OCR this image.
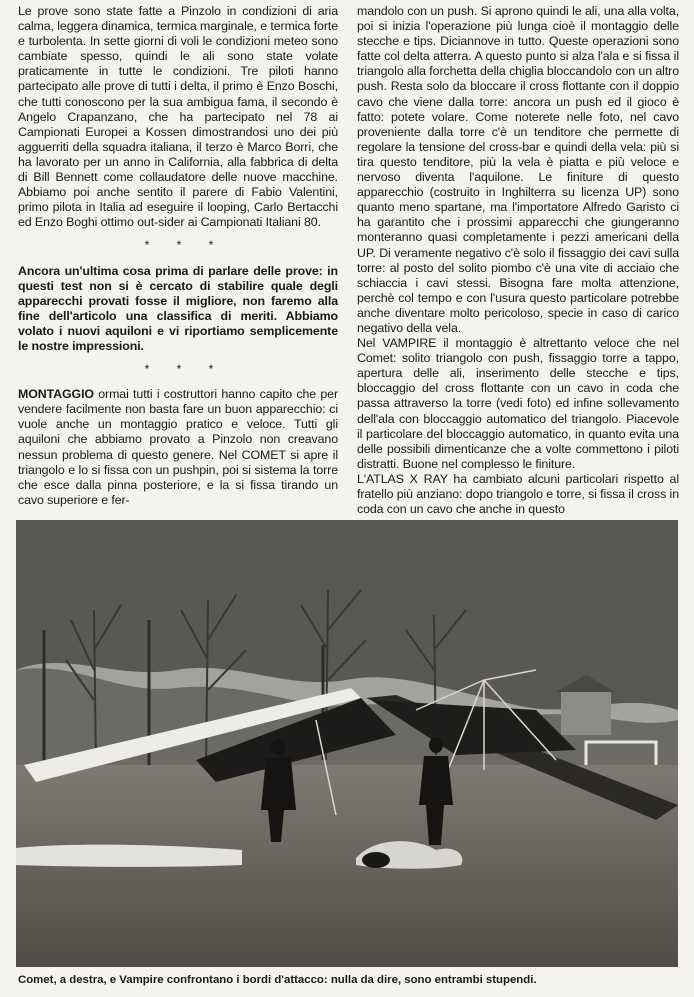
Le prove sono state fatte a Pinzolo in condizioni di aria calma, leggera dinamica, termica marginale, e termica forte e turbolenta. In sette giorni di voli le condizioni meteo sono cambiate spesso, quindi le ali sono state volate praticamente in tutte le condizioni. Tre piloti hanno partecipato alle prove di tutti i delta, il primo è Enzo Boschi, che tutti conoscono per la sua ambigua fama, il secondo è Angelo Crapanzano, che ha partecipato nel 78 ai Campionati Europei a Kossen dimostrandosi uno dei più agguerriti della squadra italiana, il terzo è Marco Borri, che ha lavorato per un anno in California, alla fabbrica di delta di Bill Bennett come collaudatore delle nuove macchine. Abbiamo poi anche sentito il parere di Fabio Valentini, primo pilota in Italia ad eseguire il looping, Carlo Bertacchi ed Enzo Boghi ottimo out-sider ai Campionati Italiani 80.

* * *

Ancora un'ultima cosa prima di parlare delle prove: in questi test non si è cercato di stabilire quale degli apparecchi provati fosse il migliore, non faremo alla fine dell'articolo una classifica di meriti. Abbiamo volato i nuovi aquiloni e vi riportiamo semplicemente le nostre impressioni.

* * *

MONTAGGIO ormai tutti i costruttori hanno capito che per vendere facilmente non basta fare un buon apparecchio: ci vuole anche un montaggio pratico e veloce. Tutti gli aquiloni che abbiamo provato a Pinzolo non creavano nessun problema di questo genere. Nel COMET si apre il triangolo e lo si fissa con un pushpin, poi si sistema la torre che esce dalla pinna posteriore, e la si fissa tirando un cavo superiore e fer-

mandolo con un push. Si aprono quindi le ali, una alla volta, poi si inizia l'operazione più lunga cioè il montaggio delle stecche e tips. Diciannove in tutto. Queste operazioni sono fatte col delta atterra. A questo punto si alza l'ala e si fissa il triangolo alla forchetta della chiglia bloccandolo con un altro push. Resta solo da bloccare il cross flottante con il doppio cavo che viene dalla torre: ancora un push ed il gioco è fatto: potete volare. Come noterete nelle foto, nel cavo proveniente dalla torre c'è un tenditore che permette di regolare la tensione del cross-bar e quindi della vela: più si tira questo tenditore, più la vela è piatta e più veloce e nervoso diventa l'aquilone. Le finiture di questo apparecchio (costruito in Inghilterra su licenza UP) sono quanto meno spartane, ma l'importatore Alfredo Garisto ci ha garantito che i prossimi apparecchi che giungeranno monteranno quasi completamente i pezzi americani della UP. Di veramente negativo c'è solo il fissaggio dei cavi sulla torre: al posto del solito piombo c'è una vite di acciaio che schiaccia i cavi stessi. Bisogna fare molta attenzione, perchè col tempo e con l'usura questo particolare potrebbe anche diventare molto pericoloso, specie in caso di carico negativo della vela.

Nel VAMPIRE il montaggio è altrettanto veloce che nel Comet: solito triangolo con push, fissaggio torre a tappo, apertura delle ali, inserimento delle stecche e tips, bloccaggio del cross flottante con un cavo in coda che passa attraverso la torre (vedi foto) ed infine sollevamento dell'ala con bloccaggio automatico del triangolo. Piacevole il particolare del bloccaggio automatico, in quanto evita una delle possibili dimenticanze che a volte commettono i piloti distratti. Buone nel complesso le finiture.

L'ATLAS X RAY ha cambiato alcuni particolari rispetto al fratello più anziano: dopo triangolo e torre, si fissa il cross in coda con un cavo che anche in questo

Comet, a destra, e Vampire confrontano i bordi d'attacco: nulla da dire, sono entrambi stupendi.
